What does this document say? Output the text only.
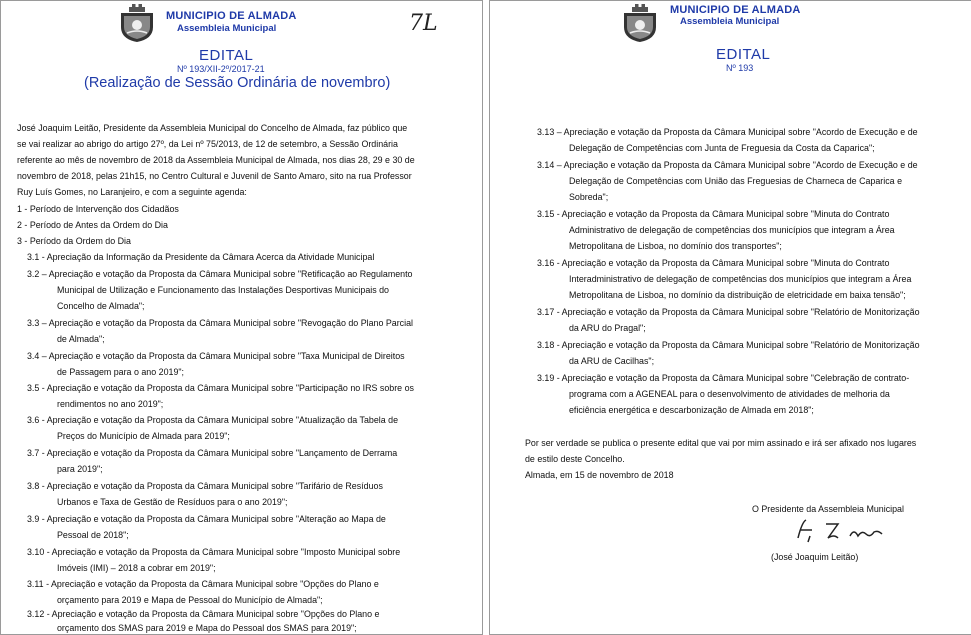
MUNICIPIO DE ALMADA
Assembleia Municipal	7L
EDITAL
Nº 193/XII-2º/2017-21
(Realização de Sessão Ordinária de novembro)
José Joaquim Leitão, Presidente da Assembleia Municipal do Concelho de Almada, faz público que
se vai realizar ao abrigo do artigo 27º, da Lei nº 75/2013, de 12 de setembro, a Sessão Ordinária
referente ao mês de novembro de 2018 da Assembleia Municipal de Almada, nos dias 28, 29 e 30 de
novembro de 2018, pelas 21h15, no Centro Cultural e Juvenil de Santo Amaro, sito na rua Professor
Ruy Luís Gomes, no Laranjeiro, e com a seguinte agenda:
1 - Período de Intervenção dos Cidadãos
2 - Período de Antes da Ordem do Dia
3 - Período da Ordem do Dia
3.1 - Apreciação da Informação da Presidente da Câmara Acerca da Atividade Municipal
3.2 – Apreciação e votação da Proposta da Câmara Municipal sobre "Retificação ao Regulamento
Municipal de Utilização e Funcionamento das Instalações Desportivas Municipais do
Concelho de Almada";
3.3 – Apreciação e votação da Proposta da Câmara Municipal sobre "Revogação do Plano Parcial
de Almada";
3.4 – Apreciação e votação da Proposta da Câmara Municipal sobre "Taxa Municipal de Direitos
de Passagem para o ano 2019";
3.5 - Apreciação e votação da Proposta da Câmara Municipal sobre "Participação no IRS sobre os
rendimentos no ano 2019";
3.6 - Apreciação e votação da Proposta da Câmara Municipal sobre "Atualização da Tabela de
Preços do Município de Almada para 2019";
3.7 - Apreciação e votação da Proposta da Câmara Municipal sobre "Lançamento de Derrama
para 2019";
3.8 - Apreciação e votação da Proposta da Câmara Municipal sobre "Tarifário de Resíduos
Urbanos e Taxa de Gestão de Resíduos para o ano 2019";
3.9 - Apreciação e votação da Proposta da Câmara Municipal sobre "Alteração ao Mapa de
Pessoal de 2018";
3.10 - Apreciação e votação da Proposta da Câmara Municipal sobre "Imposto Municipal sobre
Imóveis (IMI) – 2018 a cobrar em 2019";
3.11 - Apreciação e votação da Proposta da Câmara Municipal sobre "Opções do Plano e
orçamento para 2019 e Mapa de Pessoal do Município de Almada";
3.12 - Apreciação e votação da Proposta da Câmara Municipal sobre "Opções do Plano e
orçamento dos SMAS para 2019 e Mapa do Pessoal dos SMAS para 2019";
MUNICIPIO DE ALMADA
Assembleia Municipal
EDITAL
Nº 193
3.13 – Apreciação e votação da Proposta da Câmara Municipal sobre "Acordo de Execução e de
Delegação de Competências com Junta de Freguesia da Costa da Caparica";
3.14 – Apreciação e votação da Proposta da Câmara Municipal sobre "Acordo de Execução e de
Delegação de Competências com União das Freguesias de Charneca de Caparica e
Sobreda";
3.15 - Apreciação e votação da Proposta da Câmara Municipal sobre "Minuta do Contrato
Administrativo de delegação de competências dos municípios que integram a Área
Metropolitana de Lisboa, no domínio dos transportes";
3.16 - Apreciação e votação da Proposta da Câmara Municipal sobre "Minuta do Contrato
Interadministrativo de delegação de competências dos municípios que integram a Área
Metropolitana de Lisboa, no domínio da distribuição de eletricidade em baixa tensão";
3.17 - Apreciação e votação da Proposta da Câmara Municipal sobre "Relatório de Monitorização
da ARU do Pragal";
3.18 - Apreciação e votação da Proposta da Câmara Municipal sobre "Relatório de Monitorização
da ARU de Cacilhas";
3.19 - Apreciação e votação da Proposta da Câmara Municipal sobre "Celebração de contrato-
programa com a AGENEAL para o desenvolvimento de atividades de melhoria da
eficiência energética e descarbonização de Almada em 2018";
Por ser verdade se publica o presente edital que vai por mim assinado e irá ser afixado nos lugares
de estilo deste Concelho.
Almada, em 15 de novembro de 2018
O Presidente da Assembleia Municipal
(José Joaquim Leitão)
